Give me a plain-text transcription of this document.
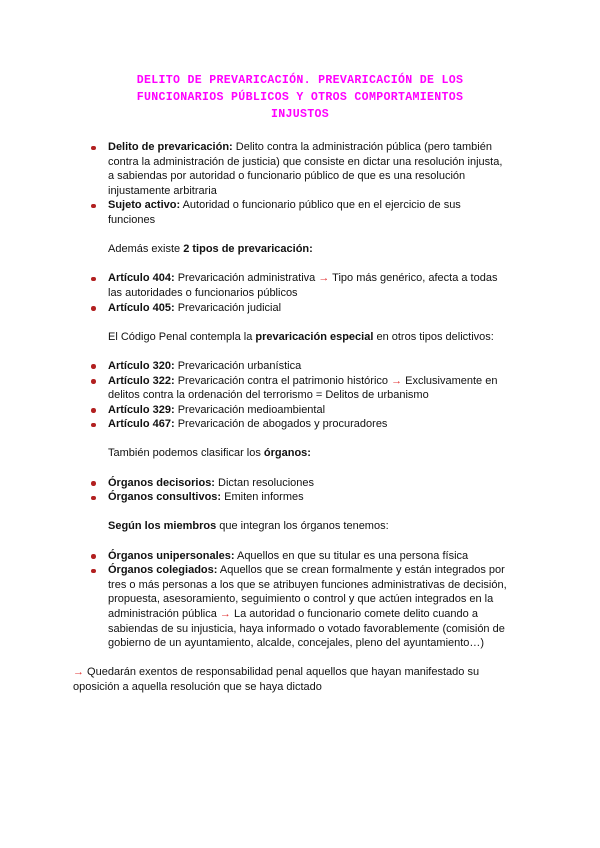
DELITO DE PREVARICACIÓN. PREVARICACIÓN DE LOS
FUNCIONARIOS PÚBLICOS Y OTROS COMPORTAMIENTOS
INJUSTOS
Delito de prevaricación: Delito contra la administración pública (pero también contra la administración de justicia) que consiste en dictar una resolución injusta, a sabiendas por autoridad o funcionario público de que es una resolución injustamente arbitraria
Sujeto activo: Autoridad o funcionario público que en el ejercicio de sus funciones
Además existe 2 tipos de prevaricación:
Artículo 404: Prevaricación administrativa → Tipo más genérico, afecta a todas las autoridades o funcionarios públicos
Artículo 405: Prevaricación judicial
El Código Penal contempla la prevaricación especial en otros tipos delictivos:
Artículo 320: Prevaricación urbanística
Artículo 322: Prevaricación contra el patrimonio histórico → Exclusivamente en delitos contra la ordenación del terrorismo = Delitos de urbanismo
Artículo 329: Prevaricación medioambiental
Artículo 467: Prevaricación de abogados y procuradores
También podemos clasificar los órganos:
Órganos decisorios: Dictan resoluciones
Órganos consultivos: Emiten informes
Según los miembros que integran los órganos tenemos:
Órganos unipersonales: Aquellos en que su titular es una persona física
Órganos colegiados: Aquellos que se crean formalmente y están integrados por tres o más personas a los que se atribuyen funciones administrativas de decisión, propuesta, asesoramiento, seguimiento o control y que actúen integrados en la administración pública → La autoridad o funcionario comete delito cuando a sabiendas de su injusticia, haya informado o votado favorablemente (comisión de gobierno de un ayuntamiento, alcalde, concejales, pleno del ayuntamiento…)
→ Quedarán exentos de responsabilidad penal aquellos que hayan manifestado su oposición a aquella resolución que se haya dictado
